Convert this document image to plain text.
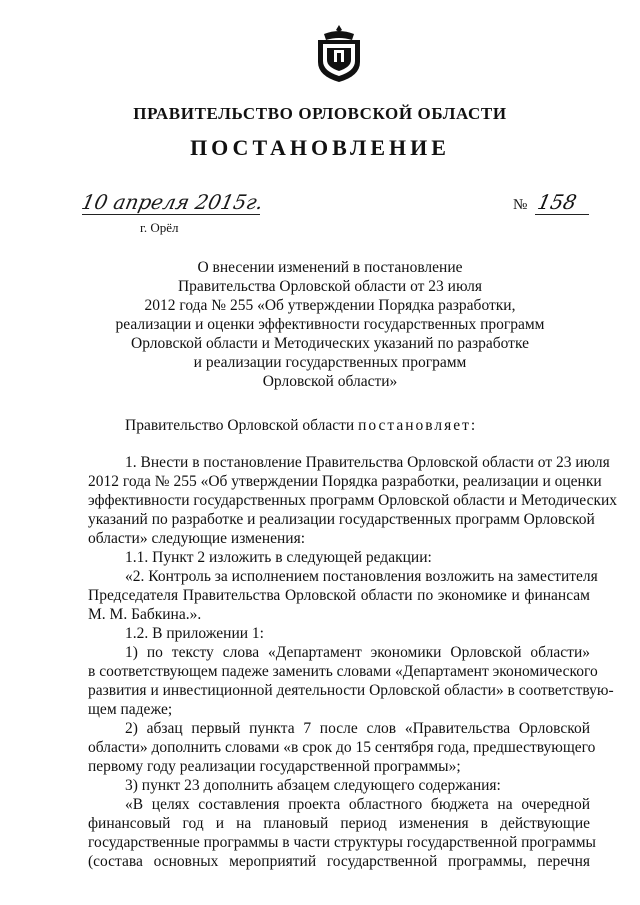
ПРАВИТЕЛЬСТВО ОРЛОВСКОЙ ОБЛАСТИ
ПОСТАНОВЛЕНИЕ
10 апреля 2015г.
г. Орёл
№ 158
О внесении изменений в постановление
Правительства Орловской области от 23 июля
2012 года № 255 «Об утверждении Порядка разработки,
реализации и оценки эффективности государственных программ
Орловской области и Методических указаний по разработке
и реализации государственных программ
Орловской области»
Правительство Орловской области постановляет:
1. Внести в постановление Правительства Орловской области от 23 июля
2012 года № 255 «Об утверждении Порядка разработки, реализации и оценки
эффективности государственных программ Орловской области и Методических
указаний по разработке и реализации государственных программ Орловской
области» следующие изменения:
1.1. Пункт 2 изложить в следующей редакции:
«2. Контроль за исполнением постановления возложить на заместителя
Председателя Правительства Орловской области по экономике и финансам
М. М. Бабкина.».
1.2. В приложении 1:
1) по тексту слова «Департамент экономики Орловской области»
в соответствующем падеже заменить словами «Департамент экономического
развития и инвестиционной деятельности Орловской области» в соответствую-
щем падеже;
2) абзац первый пункта 7 после слов «Правительства Орловской
области» дополнить словами «в срок до 15 сентября года, предшествующего
первому году реализации государственной программы»;
3) пункт 23 дополнить абзацем следующего содержания:
«В целях составления проекта областного бюджета на очередной
финансовый год и на плановый период изменения в действующие
государственные программы в части структуры государственной программы
(состава основных мероприятий государственной программы, перечня
